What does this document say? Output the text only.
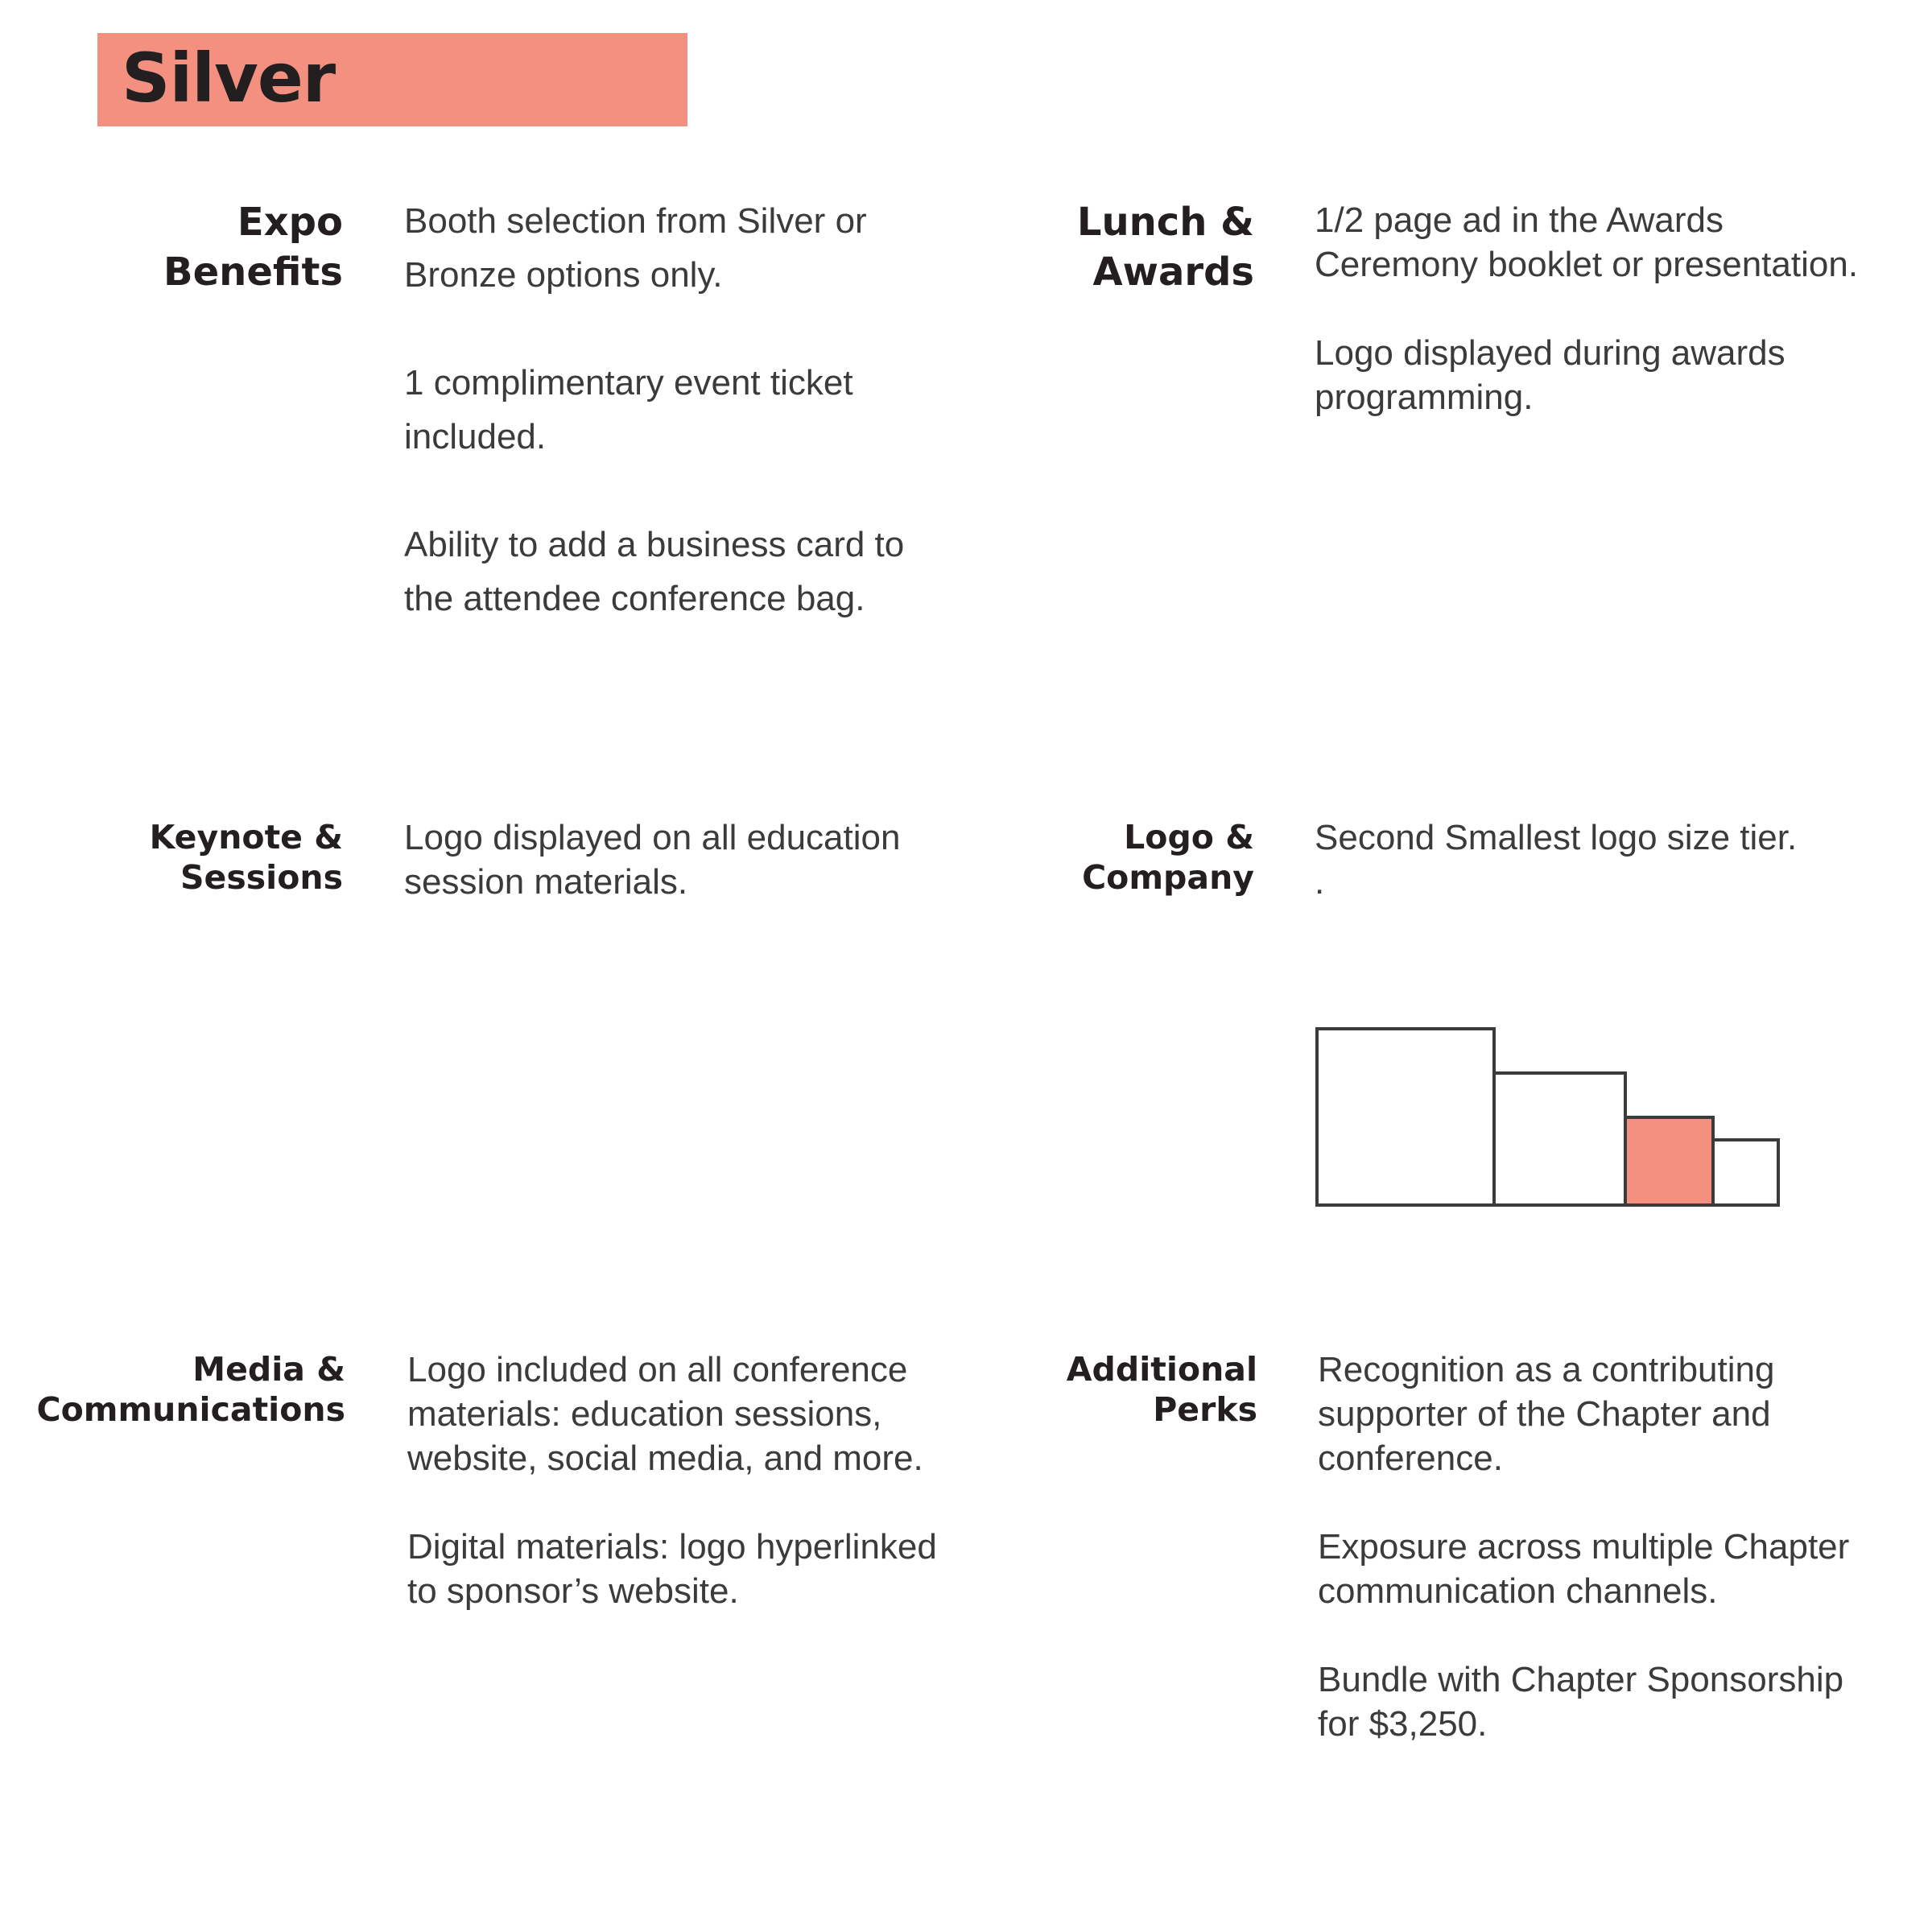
Silver
Expo
Benefits

Booth selection from Silver or
Bronze options only.

1 complimentary event ticket
included.

Ability to add a business card to
the attendee conference bag.

Lunch &
Awards

1/2 page ad in the Awards
Ceremony booklet or presentation.

Logo displayed during awards
programming.

Keynote &
Sessions

Logo displayed on all education
session materials.

Logo &
Company

Second Smallest logo size tier.
.

Media &
Communications

Logo included on all conference
materials: education sessions,
website, social media, and more.

Digital materials: logo hyperlinked
to sponsor’s website.

Additional
Perks

Recognition as a contributing
supporter of the Chapter and
conference.

Exposure across multiple Chapter
communication channels.

Bundle with Chapter Sponsorship
for $3,250.
